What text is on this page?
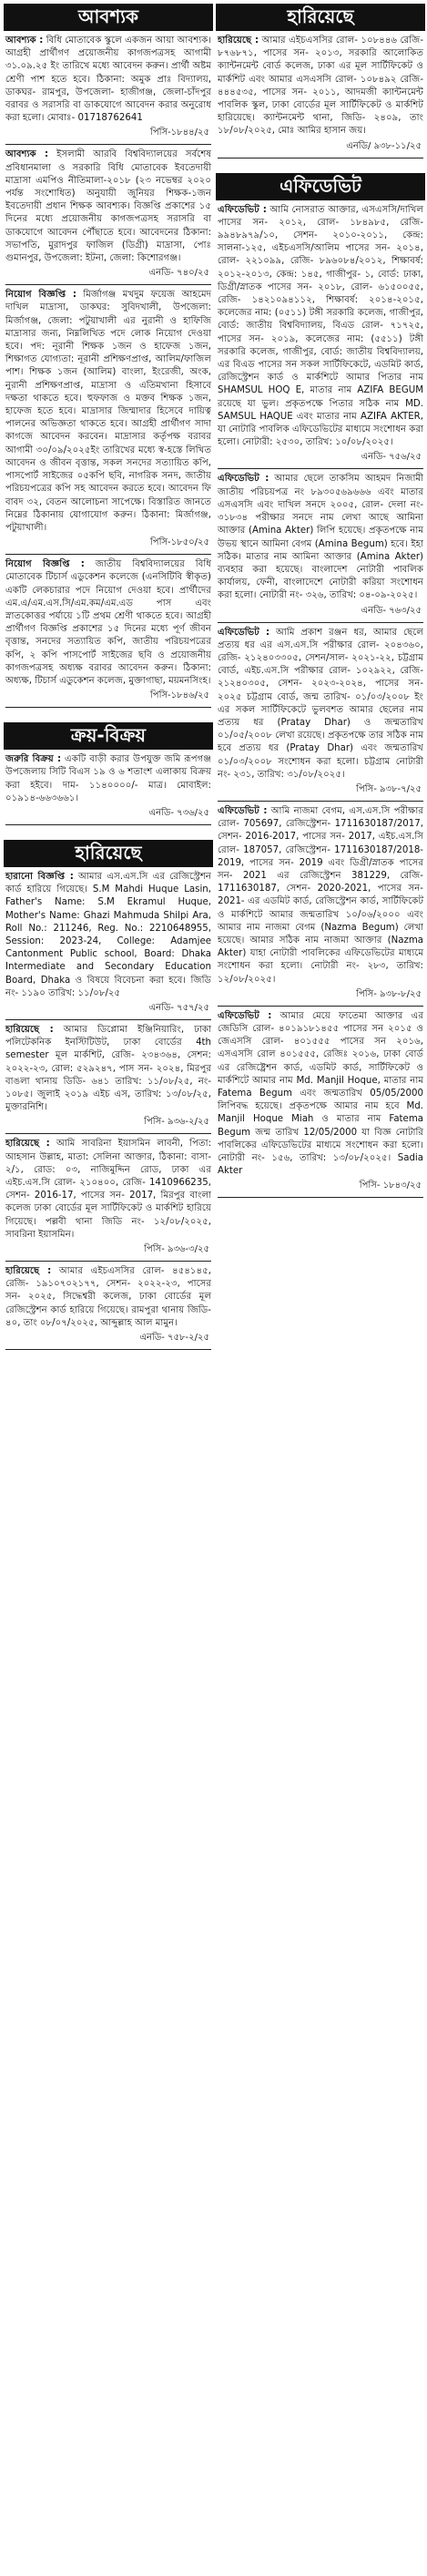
আবশ্যক
আবশ্যক : বিধি মোতাবেক স্কুলে একজন আয়া আবশ্যক। আগ্রহী প্রার্থীগণ প্রয়োজনীয় কাগজপত্রসহ আগামী ৩১.০৯.২৫ ইং তারিখে মধ্যে আবেদন করুন। প্রার্থী অষ্টম শ্রেণী পাশ হতে হবে। ঠিকানা: অমুক প্রাঃ বিদ্যালয়, ডাকঘর- রামপুর, উপজেলা- হাজীগঞ্জ, জেলা-চাঁদপুর বরাবর ও সরাসরি বা ডাকযোগে আবেদন করার অনুরোধ করা হলো। মোবাঃ- 01718762641
পিসি-১৮৪৪/২৫
আবশ্যক : ইসলামী আরবি বিশ্ববিদ্যালয়ের সর্বশেষ প্রবিধানমালা ও সরকারি বিধি মোতাবেক ইবতেদায়ী মাদ্রাসা এমপিও নীতিমালা-২০১৮ (২৩ নভেম্বর ২০২০ পর্যন্ত সংশোধিত) অনুযায়ী জুনিয়র শিক্ষক-১জন ইবতেদায়ী প্রধান শিক্ষক আবশ্যক। বিজ্ঞপ্তি প্রকাশের ১৫ দিনের মধ্যে প্রয়োজনীয় কাগজপত্রসহ সরাসরি বা ডাকযোগে আবেদন পৌঁছাতে হবে। আবেদনের ঠিকানা: সভাপতি, মুরাদপুর ফাজিল (ডিগ্রী) মাদ্রাসা, পোঃ গুমানপুর, উপজেলা: ইটনা, জেলা: কিশোরগঞ্জ।
এনডি- ৭৪০/২৫
নিয়োগ বিজ্ঞপ্তি : মির্জাগঞ্জ মখদুম ফয়েজ আহমেদ দাখিল মাদ্রাসা, ডাকঘর: সুবিদখালী, উপজেলা: মির্জাগঞ্জ, জেলা: পটুয়াখালী এর নুরানী ও হাফিজি মাদ্রাসার জন্য, নিম্নলিখিত পদে লোক নিয়োগ দেওয়া হবে। পদ: নূরানী শিক্ষক ১জন ও হাফেজ ১জন, শিক্ষাগত যোগ্যতা: নূরানী প্রশিক্ষণপ্রাপ্ত, আলিম/ফাজিল পাশ। শিক্ষক ১জন (আলিম) বাংলা, ইংরেজী, অংক, নুরানী প্রশিক্ষণপ্রাপ্ত, মাদ্রাসা ও এতিমখানা হিসাবে দক্ষতা থাকতে হবে। হুফফাজ ও মক্তব শিক্ষক ১জন, হাফেজ হতে হবে। মাদ্রাসার জিম্মাদার হিসেবে দায়িত্ব পালনের অভিজ্ঞতা থাকতে হবে। আগ্রহী প্রার্থীগণ সাদা কাগজে আবেদন করবেন। মাদ্রাসার কর্তৃপক্ষ বরাবর আগামী ৩০/০৯/২০২৫ইং তারিখের মধ্যে স্ব-হস্তে লিখিত আবেদন ও জীবন বৃত্তান্ত, সকল সনদের সত্যায়িত কপি, পাসপোর্ট সাইজের ০৫কপি ছবি, নাগরিক সনদ, জাতীয় পরিচয়পত্রের কপি সহ আবেদন করতে হবে। আবেদন ফি বাবদ ৩২, বেতন আলোচনা সাপেক্ষে। বিস্তারিত জানতে নিম্নের ঠিকানায় যোগাযোগ করুন। ঠিকানা: মির্জাগঞ্জ, পটুয়াখালী।
পিসি-১৮৫০/২৫
নিয়োগ বিজ্ঞপ্তি : জাতীয় বিশ্ববিদ্যালয়ের বিধি মোতাবেক টিচার্স এডুকেশন কলেজে (এনসিটিবি স্বীকৃত) একটি লেকচারার পদে নিয়োগ দেওয়া হবে। প্রার্থীদের এম.এ/এম.এস.সি/এম.কম/এম.এড পাস এবং স্নাতকোত্তর পর্যায়ে ১টি প্রথম শ্রেণী থাকতে হবে। আগ্রহী প্রার্থীগণ বিজ্ঞপ্তি প্রকাশের ১৫ দিনের মধ্যে পূর্ণ জীবন বৃত্তান্ত, সনদের সত্যায়িত কপি, জাতীয় পরিচয়পত্রের কপি, ২ কপি পাসপোর্ট সাইজের ছবি ও প্রয়োজনীয় কাগজপত্রসহ অধ্যক্ষ বরাবর আবেদন করুন। ঠিকানা: অধ্যক্ষ, টিচার্স এডুকেশন কলেজ, মুক্তাগাছা, ময়মনসিংহ।
পিসি-১৮৪৬/২৫
ক্রয়-বিক্রয়
জরুরি বিক্রয় : একটি বাড়ী করার উপযুক্ত জমি রূপগঞ্জ উপজেলায় সিটি বিএস ১৯ ও ৬ শতাংশ এলাকায় বিক্রয় করা হইবে। দাম- ১১৪০০০০/- মাত্র। মোবাইল: ০১৯১৪-৬৬৩৬৬১।
এনডি- ৭৩৬/২৫
হারিয়েছে
হারানো বিজ্ঞপ্তি : আমার এস.এস.সি এর রেজিস্ট্রেশন কার্ড হারিয়ে গিয়েছে। S.M Mahdi Huque Lasin, Father's Name: S.M Ekramul Huque, Mother's Name: Ghazi Mahmuda Shilpi Ara, Roll No.: 211246, Reg. No.: 2210648955, Session: 2023-24, College: Adamjee Cantonment Public school, Board: Dhaka Intermediate and Secondary Education Board, Dhaka ও বিষয়ে বিবেচনা করা হবে। জিডি নং- ১১৯০ তারিখ: ১১/০৮/২৫
এনডি- ৭৫৭/২৫
হারিয়েছে : আমার ডিপ্লোমা ইঞ্জিনিয়ারিং, ঢাকা পলিটেকনিক ইনস্টিটিউট, ঢাকা বোর্ডের 4th semester মূল মার্কশিট, রেজি- ২৩৪৩৬৪, সেশন: ২০২২-২৩, রোল: ৫২৯২৪৭, পাস সন- ২০২৪, মিরপুর বাঙলা থানায় ডিডি- ৬৪১ তারিখ: ১১/০৮/২৫, নং- ১০৮৫। জুলাই ২০১৯ এইচ এস, তারিখ: ১৩/০৮/২৫, মুক্তারনিশি।
পিসি- ৯৩৬-২/২৫
হারিয়েছে : আমি সাবরিনা ইয়াসমিন লাবনী, পিতা: আহসান উল্লাহ, মাতা: সেলিনা আক্তার, ঠিকানা: বাসা- ২/১, রোড: ০৩, নাজিমুদ্দিন রোড, ঢাকা এর এইচ.এস.সি রোল- ২১০৪০০, রেজি- 1410966235, সেশন- 2016-17, পাসের সন- 2017, মিরপুর বাংলা কলেজ ঢাকা বোর্ডের মূল সার্টিফিকেট ও মার্কশিট হারিয়ে গিয়েছে। পল্লবী থানা জিডি নং- ১২/০৮/২০২৫, সাবরিনা ইয়াসমিন।
পিসি- ৯৩৬-৩/২৫
হারিয়েছে : আমার এইচএসসির রোল- ৪৫৪১৪৫, রেজি- ১৯১০৭০২১৭৭, সেশন- ২০২২-২৩, পাসের সন- ২০২৫, সিদ্ধেশ্বরী কলেজ, ঢাকা বোর্ডের মূল রেজিস্ট্রেশন কার্ড হারিয়ে গিয়েছে। রামপুরা থানায় জিডি- ৪০, তাং ০৮/০৭/২০২৫, আব্দুল্লাহ আল মামুন।
এনডি- ৭৫৮-২/২৫
হারিয়েছে
হারিয়েছে : আমার এইচএসসির রোল- ১০৮৪৪৬ রেজি- ৮৭৬৮৭১, পাসের সন- ২০১৩, সরকারি আলোকিত ক্যান্টনমেন্ট বোর্ড কলেজ, ঢাকা এর মূল সার্টিফিকেট ও মার্কশিট এবং আমার এসএসসি রোল- ১০৮৪৯২ রেজি- ৪৪৪৫৩৫, পাসের সন- ২০১১, আদমজী ক্যান্টনমেন্ট পাবলিক স্কুল, ঢাকা বোর্ডের মূল সার্টিফিকেট ও মার্কশিট হারিয়েছে। ক্যান্টনমেন্ট থানা, জিডি- ২৪০৯, তাং ১৮/০৮/২০২৫, মোঃ আমির হাসান জয়।
এনডি/ ৯৩৮-১১/২৫
এফিডেভিট
এফিডেভিট : আমি নোসরাত আক্তার, এসএসসি/দাখিল পাসের সন- ২০১২, রোল- ১৮৪৯৮৫, রেজি- ৯৯৪৮৯৭৯/১০, সেশন- ২০১০-২০১১, কেন্দ্র: সালনা-১২৫, এইচএসসি/আলিম পাসের সন- ২০১৪, রোল- ২২১০৯৯, রেজি- ৮৯৬০৮৪/২০১২, শিক্ষাবর্ষ: ২০১২-২০১৩, কেন্দ্র: ১৪৫, গাজীপুর- ১, বোর্ড: ঢাকা, ডিগ্রী/স্নাতক পাসের সন- ২০১৮, রোল- ৬১৫০০৫৫, রেজি- ১৪২১০৯৪১১২, শিক্ষাবর্ষ: ২০১৪-২০১৫, কলেজের নাম: (০৫১১) টঙ্গী সরকারি কলেজ, গাজীপুর, বোর্ড: জাতীয় বিশ্ববিদ্যালয়, বিএড রোল- ৭১৭২৫, পাসের সন- ২০১৯, কলেজের নাম: (৫৫১১) টঙ্গী সরকারি কলেজ, গাজীপুর, বোর্ড: জাতীয় বিশ্ববিদ্যালয়, এর বিএড পাসের সন সকল সার্টিফিকেটে, এডমিট কার্ড, রেজিস্ট্রেশন কার্ড ও মার্কশিটে আমার পিতার নাম SHAMSUL HOQ E, মাতার নাম AZIFA BEGUM রয়েছে যা ভুল। প্রকৃতপক্ষে পিতার সঠিক নাম MD. SAMSUL HAQUE এবং মাতার নাম AZIFA AKTER, যা নোটারি পাবলিক এফিডেভিটের মাধ্যমে সংশোধন করা হলো। নোটারী: ২৫৩০, তারিখ: ১০/০৮/২০২৫।
এনডি- ৭৫৬/২৫
এফিডেভিট : আমার ছেলে তাকসিম আহমদ নিজামী জাতীয় পরিচয়পত্র নং ৮৯৩০৫৬৯৬৬৬ এবং মাতার এসএসসি এবং দাখিল সনদে ২০০৫, রোল- দেলা নং- ৩১৮৩৪ পরীক্ষার সনদে নাম লেখা আছে আমিনা আক্তার (Amina Akter) লিপি হয়েছে। প্রকৃতপক্ষে নাম উভয় স্থানে আমিনা বেগম (Amina Begum) হবে। ইহা সঠিক। মাতার নাম আমিনা আক্তার (Amina Akter) ব্যবহার করা হয়েছে। বাংলাদেশ নোটারী পাবলিক কার্যালয়, ফেনী, বাংলাদেশে নোটারী করিয়া সংশোধন করা হলো। নোটারী নং- ৩২৬, তারিখ: ০৪-০৯-২০২৫।
এনডি- ৭৬৩/২৫
এফিডেভিট : আমি প্রকাশ রঞ্জন ধর, আমার ছেলে প্রত্যয় ধর এর এস.এস.সি পরীক্ষার রোল- ২০৪৩৬০, রেজি- ২১২৪০৩৩০৫, সেশন/সাল- ২০২১-২২, চট্টগ্রাম বোর্ড, এইচ.এস.সি পরীক্ষার রোল- ১০২৯২২, রেজি- ২১২৪০৩০৫, সেশন- ২০২৩-২০২৪, পাসের সন- ২০২৫ চট্টগ্রাম বোর্ড, জন্ম তারিখ- ০১/০৩/২০০৮ ইং এর সকল সার্টিফিকেটে ভুলবশত আমার ছেলের নাম প্রত্যয় ধর (Pratay Dhar) ও জন্মতারিখ ০১/০৫/২০০৮ লেখা রয়েছে। প্রকৃতপক্ষে তার সঠিক নাম হবে প্রত্যয় ধর (Pratay Dhar) এবং জন্মতারিখ ০১/০৩/২০০৮ সংশোধন করা হলো। চট্টগ্রাম নোটারী নং- ২৩১, তারিখ: ৩১/০৮/২০২৫।
পিসি- ৯৩৮-৭/২৫
এফিডেভিট : আমি নাজমা বেগম, এস.এস.সি পরীক্ষার রোল- 705697, রেজিস্ট্রেশন- 1711630187/2017, সেশন- 2016-2017, পাসের সন- 2017, এইচ.এস.সি রোল- 187057, রেজিস্ট্রেশন- 1711630187/2018-2019, পাসের সন- 2019 এবং ডিগ্রী/স্নাতক পাসের সন- 2021 এর রেজিস্ট্রেশন 381229, রেজি- 1711630187, সেশন- 2020-2021, পাসের সন- 2021- এর এডমিট কার্ড, রেজিস্ট্রেশন কার্ড, সার্টিফিকেট ও মার্কশিটে আমার জন্মতারিখ ১০/০৬/২০০০ এবং আমার নাম নাজমা বেগম (Nazma Begum) লেখা হয়েছে। আমার সঠিক নাম নাজমা আক্তার (Nazma Akter) যাহা নোটারী পাবলিকের এফিডেভিটের মাধ্যমে সংশোধন করা হলো। নোটারী নং- ২৮৩, তারিখ: ১২/০৮/২০২৫।
পিসি- ৯৩৮-৮/২৫
এফিডেভিট : আমার মেয়ে ফাতেমা আক্তার এর জেডিসি রোল- ৪০১৯১৮১৪৫৫ পাসের সন ২০১৫ ও জেএসসি রোল- ৪০১৫৫৫ পাসের সন ২০১৬, এসএসসি রোল ৪০১৫৫৫, রেজিঃ ২০১৬, ঢাকা বোর্ড এর রেজিষ্ট্রেশন কার্ড, এডমিট কার্ড, সার্টিফিকেট ও মার্কশিটে আমার নাম Md. Manjil Hoque, মাতার নাম Fatema Begum এবং জন্মতারিখ 05/05/2000 লিপিবদ্ধ হয়েছে। প্রকৃতপক্ষে আমার নাম হবে Md. Manjil Hoque Miah ও মাতার নাম Fatema Begum জন্ম তারিখ 12/05/2000 যা বিজ্ঞ নোটারি পাবলিকের এফিডেভিটের মাধ্যমে সংশোধন করা হলো। নোটারী নং- ১৫৬, তারিখ: ১৩/০৮/২০২৫। Sadia Akter
পিসি- ১৮৪৩/২৫
